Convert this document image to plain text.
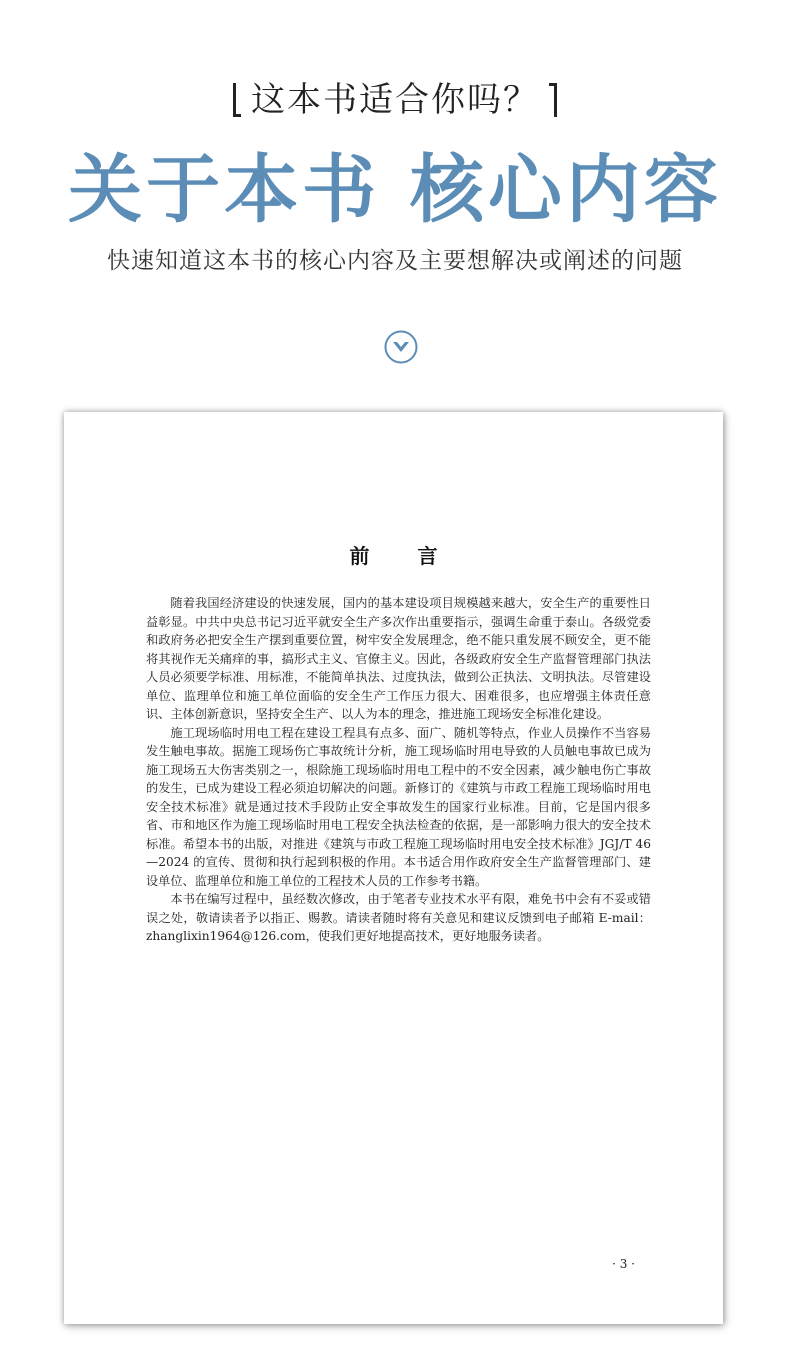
这本书适合你吗？
关于本书 核心内容
快速知道这本书的核心内容及主要想解决或阐述的问题
前言

随着我国经济建设的快速发展，国内的基本建设项目规模越来越大，安全生产的重要性日益彰显。中共中央总书记习近平就安全生产多次作出重要指示，强调生命重于泰山。各级党委和政府务必把安全生产摆到重要位置，树牢安全发展理念，绝不能只重发展不顾安全，更不能将其视作无关痛痒的事，搞形式主义、官僚主义。因此，各级政府安全生产监督管理部门执法人员必须要学标准、用标准，不能简单执法、过度执法，做到公正执法、文明执法。尽管建设单位、监理单位和施工单位面临的安全生产工作压力很大、困难很多，也应增强主体责任意识、主体创新意识，坚持安全生产、以人为本的理念，推进施工现场安全标准化建设。

施工现场临时用电工程在建设工程具有点多、面广、随机等特点，作业人员操作不当容易发生触电事故。据施工现场伤亡事故统计分析，施工现场临时用电导致的人员触电事故已成为施工现场五大伤害类别之一，根除施工现场临时用电工程中的不安全因素，减少触电伤亡事故的发生，已成为建设工程必须迫切解决的问题。新修订的《建筑与市政工程施工现场临时用电安全技术标准》就是通过技术手段防止安全事故发生的国家行业标准。目前，它是国内很多省、市和地区作为施工现场临时用电工程安全执法检查的依据，是一部影响力很大的安全技术标准。希望本书的出版，对推进《建筑与市政工程施工现场临时用电安全技术标准》JGJ/T 46—2024 的宣传、贯彻和执行起到积极的作用。本书适合用作政府安全生产监督管理部门、建设单位、监理单位和施工单位的工程技术人员的工作参考书籍。

本书在编写过程中，虽经数次修改，由于笔者专业技术水平有限，难免书中会有不妥或错误之处，敬请读者予以指正、赐教。请读者随时将有关意见和建议反馈到电子邮箱 E-mail：zhanglixin1964@126.com，使我们更好地提高技术，更好地服务读者。

· 3 ·
